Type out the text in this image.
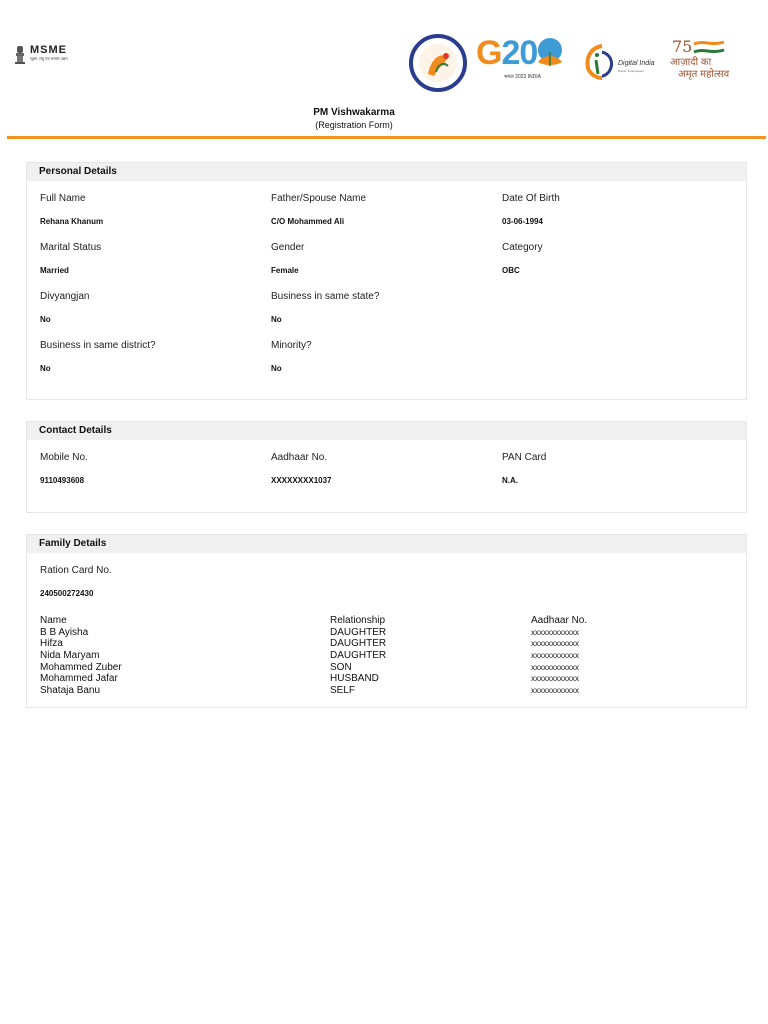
MSME
सूक्ष्म, लघु एवं मध्यम उद्यम	G20
भारत 2023 INDIA
Digital India
Power To Empower
75
आज़ादी का
अमृत महोत्सव
PM Vishwakarma
(Registration Form)
Personal Details
Full Name
Rehana Khanum
Father/Spouse Name
C/O Mohammed Ali
Date Of Birth
03-06-1994
Marital Status
Married
Gender
Female
Category
OBC
Divyangjan
No
Business in same state?
No
Business in same district?
No
Minority?
No
Contact Details
Mobile No.
9110493608
Aadhaar No.
XXXXXXXX1037
PAN Card
N.A.
Family Details
Ration Card No.
240500272430
Name	Relationship	Aadhaar No.
B B Ayisha	DAUGHTER	xxxxxxxxxxxx
Hifza	DAUGHTER	xxxxxxxxxxxx
Nida Maryam	DAUGHTER	xxxxxxxxxxxx
Mohammed Zuber	SON	xxxxxxxxxxxx
Mohammed Jafar	HUSBAND	xxxxxxxxxxxx
Shataja Banu	SELF	xxxxxxxxxxxx
